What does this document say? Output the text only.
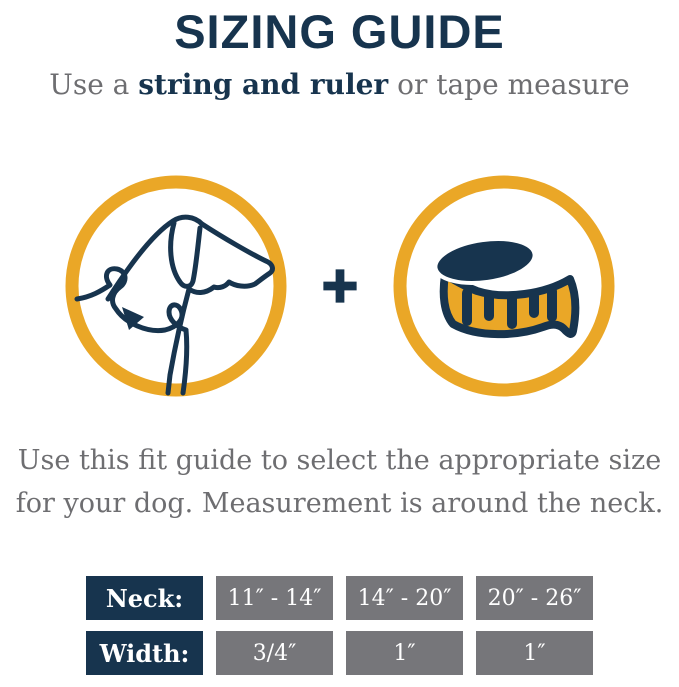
SIZING GUIDE
Use a string and ruler or tape measure
Use this fit guide to select the appropriate size
for your dog. Measurement is around the neck.
Neck:	11″ - 14″	14″ - 20″	20″ - 26″
Width:	3/4″	1″	1″
